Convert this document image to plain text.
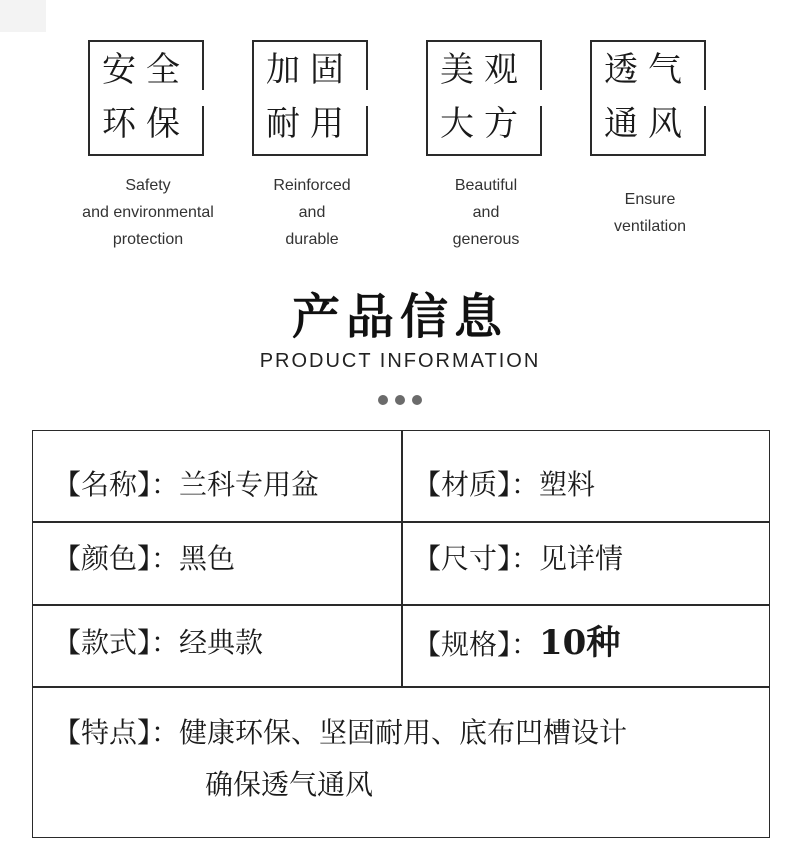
安全
环保
Safety
and environmental
protection
加固
耐用
Reinforced
and
durable
美观
大方
Beautiful
and
generous
透气
通风
Ensure
ventilation
产品信息
PRODUCT INFORMATION
【名称】：兰科专用盆	【材质】：塑料
【颜色】：黑色	【尺寸】：见详情
【款式】：经典款	【规格】：10种
【特点】：健康环保、坚固耐用、底布凹槽设计
确保透气通风
